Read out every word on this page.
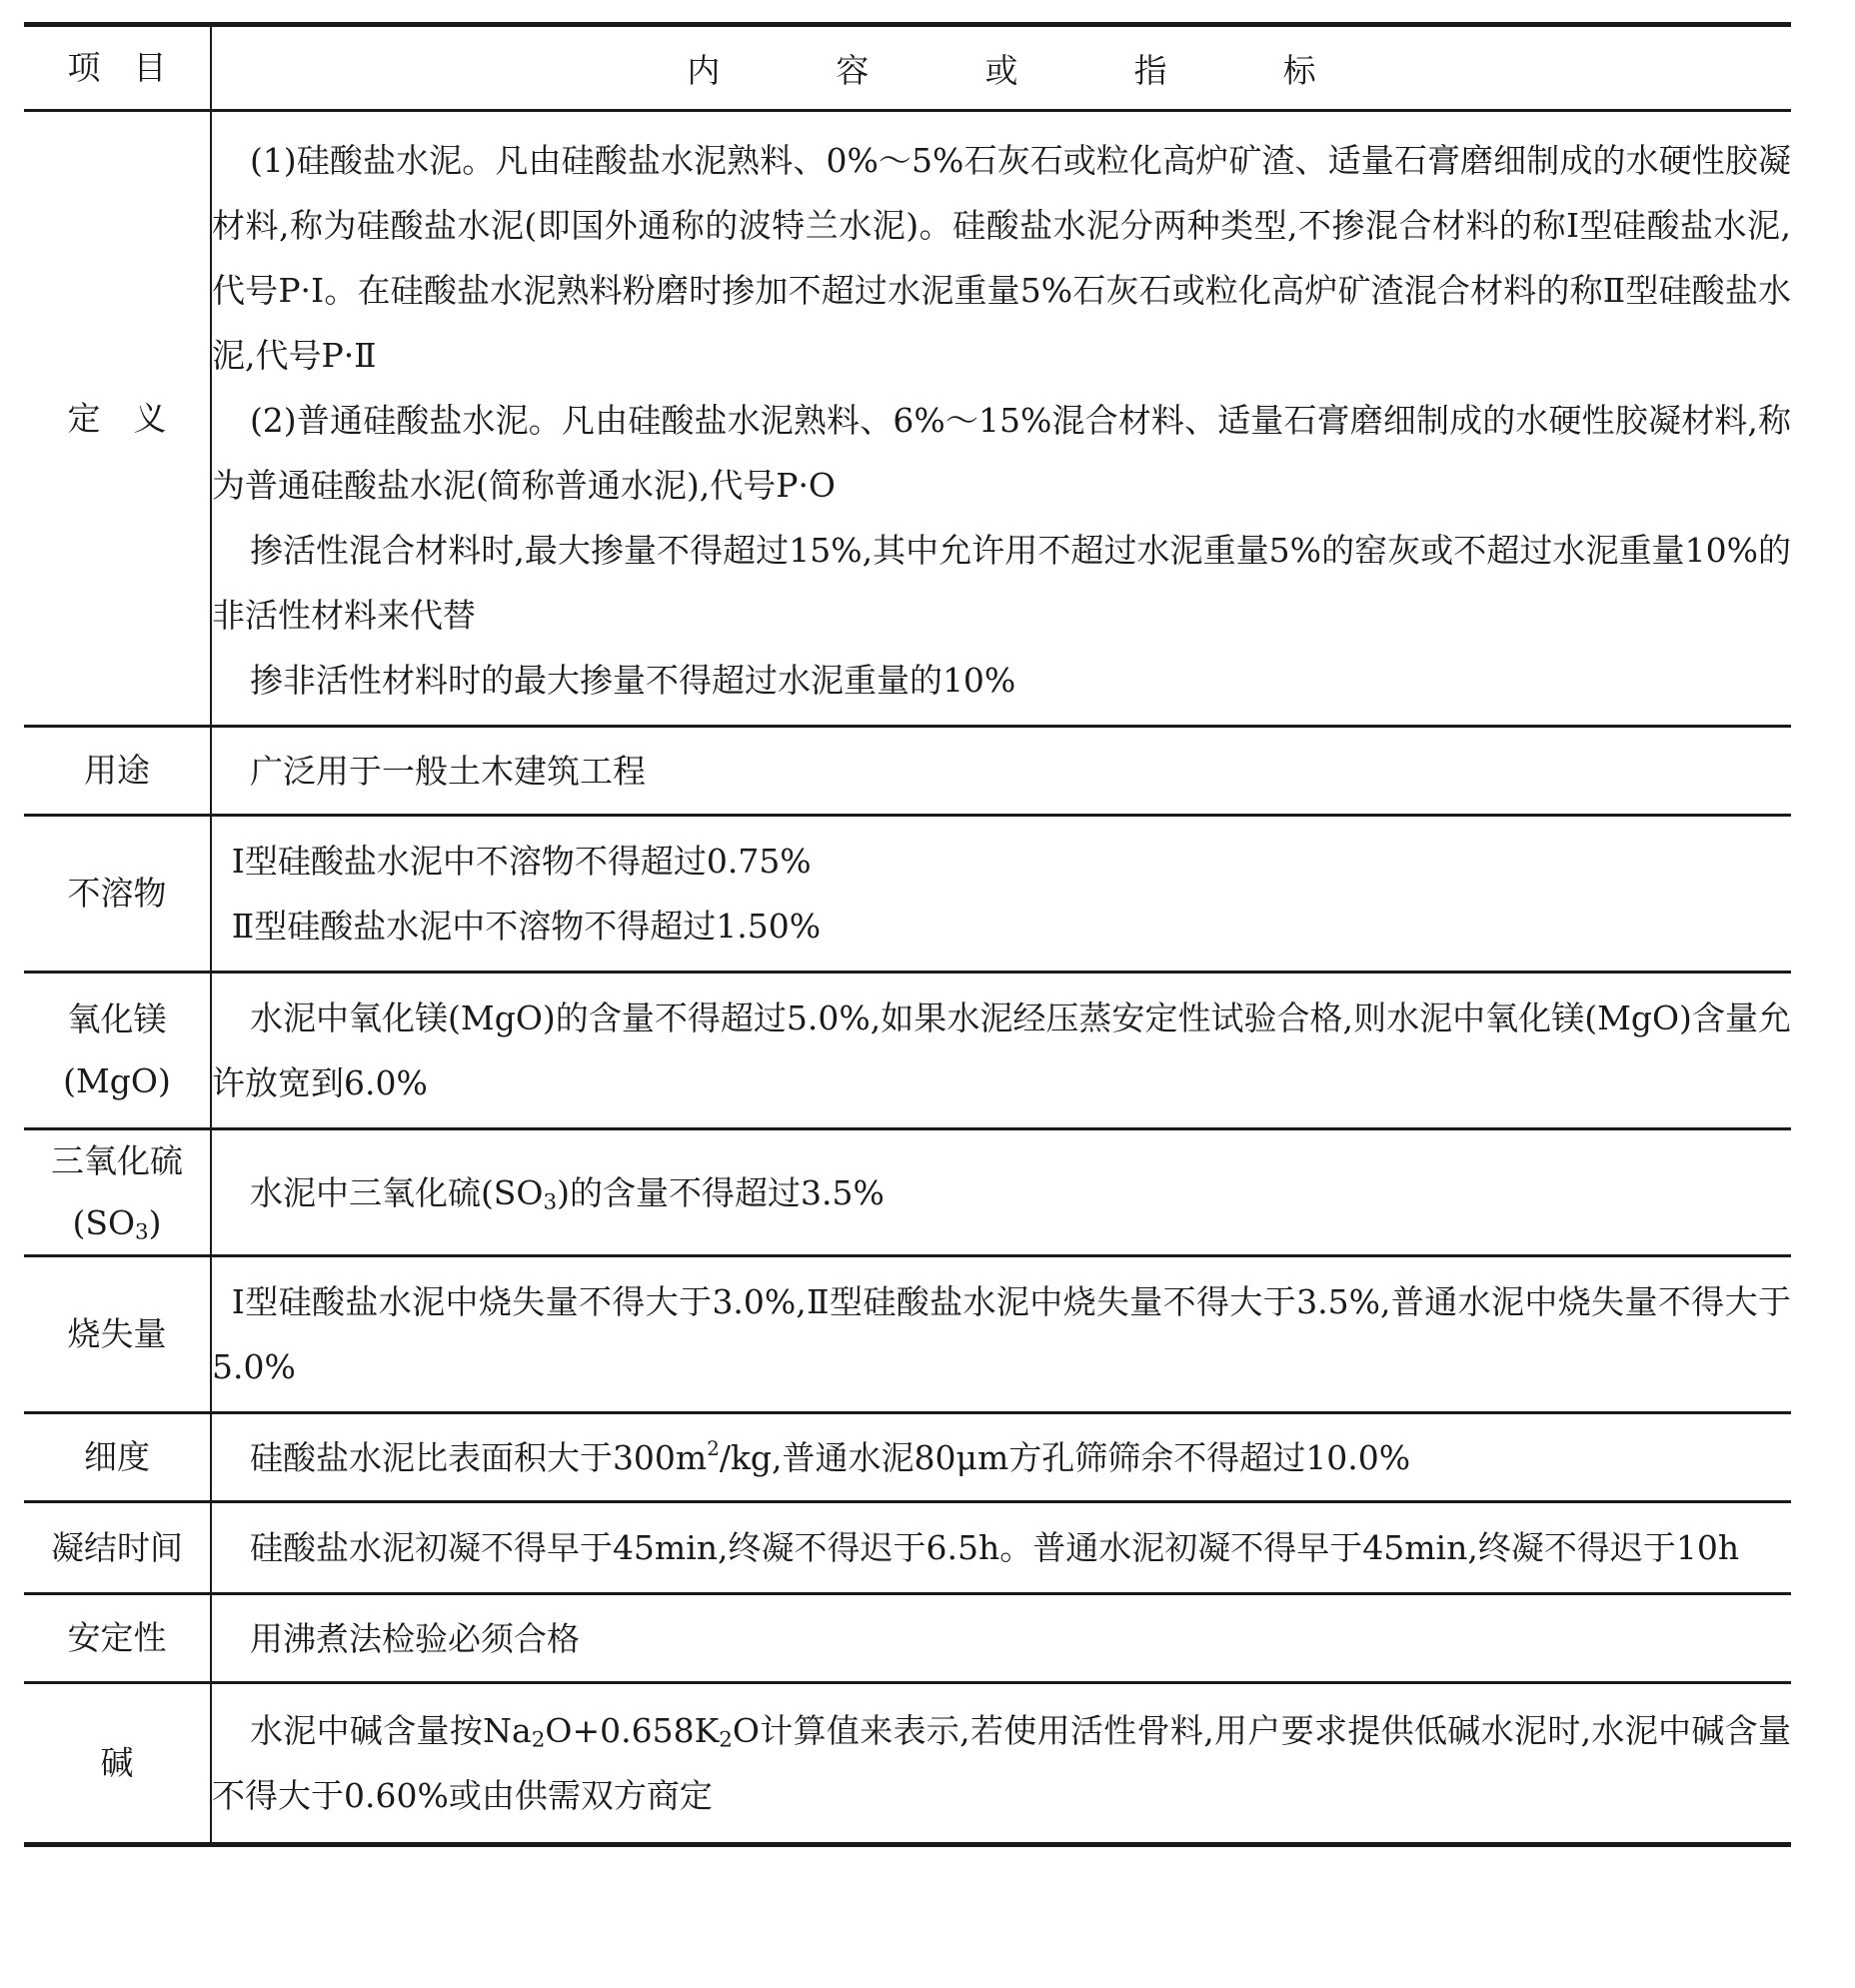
项　目	内 容 或 指 标
定　义	(1)硅酸盐水泥。凡由硅酸盐水泥熟料、0%～5%石灰石或粒化高炉矿渣、适量石膏磨细制成的水硬性胶凝材料,称为硅酸盐水泥(即国外通称的波特兰水泥)。硅酸盐水泥分两种类型,不掺混合材料的称Ⅰ型硅酸盐水泥,代号P·Ⅰ。在硅酸盐水泥熟料粉磨时掺加不超过水泥重量5%石灰石或粒化高炉矿渣混合材料的称Ⅱ型硅酸盐水泥,代号P·Ⅱ

(2)普通硅酸盐水泥。凡由硅酸盐水泥熟料、6%～15%混合材料、适量石膏磨细制成的水硬性胶凝材料,称为普通硅酸盐水泥(简称普通水泥),代号P·O

掺活性混合材料时,最大掺量不得超过15%,其中允许用不超过水泥重量5%的窑灰或不超过水泥重量10%的非活性材料来代替

掺非活性材料时的最大掺量不得超过水泥重量的10%

用途	广泛用于一般土木建筑工程

不溶物	Ⅰ型硅酸盐水泥中不溶物不得超过0.75%

Ⅱ型硅酸盐水泥中不溶物不得超过1.50%

氧化镁
(MgO)	水泥中氧化镁(MgO)的含量不得超过5.0%,如果水泥经压蒸安定性试验合格,则水泥中氧化镁(MgO)含量允许放宽到6.0%

三氧化硫
$(SO_3)$	水泥中三氧化硫$(SO_3)$的含量不得超过3.5%

烧失量	Ⅰ型硅酸盐水泥中烧失量不得大于3.0%,Ⅱ型硅酸盐水泥中烧失量不得大于3.5%,普通水泥中烧失量不得大于5.0%

细度	硅酸盐水泥比表面积大于$300m^2/kg$,普通水泥80μm方孔筛筛余不得超过10.0%

凝结时间	硅酸盐水泥初凝不得早于45min,终凝不得迟于6.5h。普通水泥初凝不得早于45min,终凝不得迟于10h

安定性	用沸煮法检验必须合格

碱	水泥中碱含量按$Na_2O+0.658K_2O$计算值来表示,若使用活性骨料,用户要求提供低碱水泥时,水泥中碱含量不得大于0.60%或由供需双方商定
